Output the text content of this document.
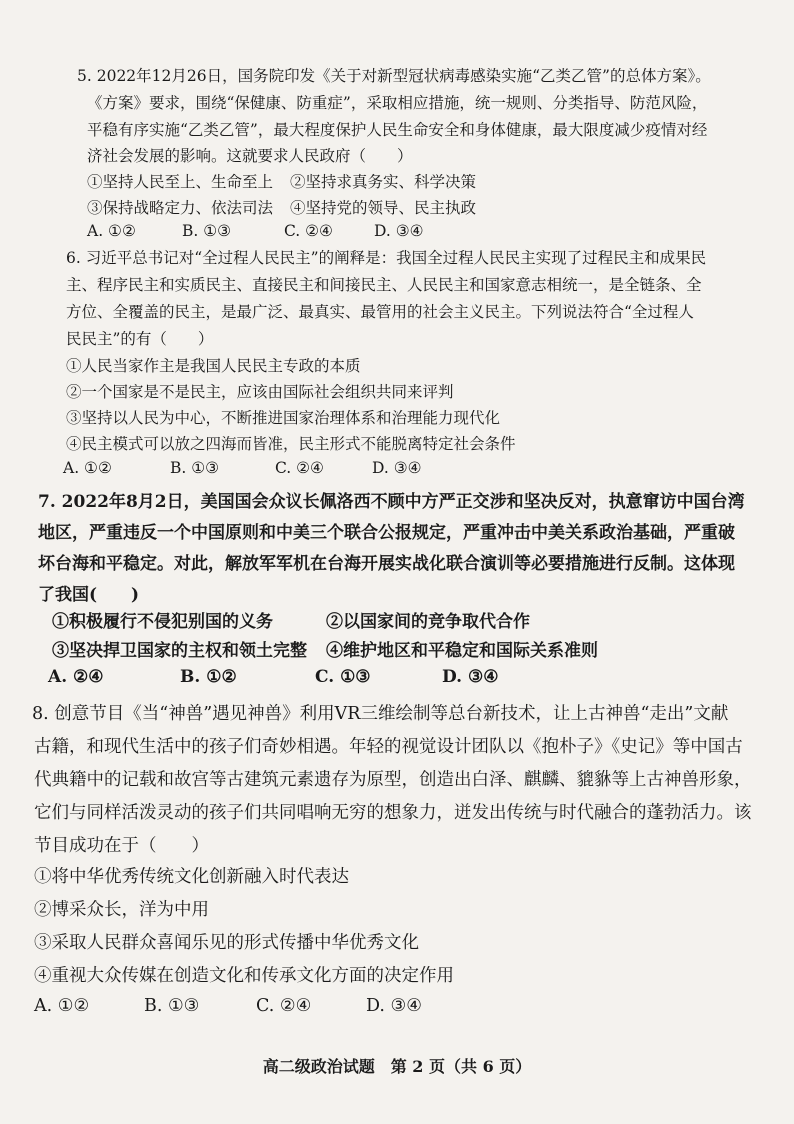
5. 2022年12月26日，国务院印发《关于对新型冠状病毒感染实施“乙类乙管”的总体方案》。
《方案》要求，围绕“保健康、防重症”，采取相应措施，统一规则、分类指导、防范风险，
平稳有序实施“乙类乙管”，最大程度保护人民生命安全和身体健康，最大限度减少疫情对经
济社会发展的影响。这就要求人民政府（　　）
①坚持人民至上、生命至上 ②坚持求真务实、科学决策
③保持战略定力、依法司法 ④坚持党的领导、民主执政
A. ①②	B. ①③	C. ②④	D. ③④
6. 习近平总书记对“全过程人民民主”的阐释是：我国全过程人民民主实现了过程民主和成果民
主、程序民主和实质民主、直接民主和间接民主、人民民主和国家意志相统一，是全链条、全
方位、全覆盖的民主，是最广泛、最真实、最管用的社会主义民主。下列说法符合“全过程人
民民主”的有（　　）
①人民当家作主是我国人民民主专政的本质
②一个国家是不是民主，应该由国际社会组织共同来评判
③坚持以人民为中心，不断推进国家治理体系和治理能力现代化
④民主模式可以放之四海而皆准，民主形式不能脱离特定社会条件
A. ①②	B. ①③	C. ②④	D. ③④
7. 2022年8月2日，美国国会众议长佩洛西不顾中方严正交涉和坚决反对，执意窜访中国台湾
地区，严重违反一个中国原则和中美三个联合公报规定，严重冲击中美关系政治基础，严重破
坏台海和平稳定。对此，解放军军机在台海开展实战化联合演训等必要措施进行反制。这体现
了我国(　　)
①积极履行不侵犯别国的义务	②以国家间的竞争取代合作
③坚决捍卫国家的主权和领土完整 ④维护地区和平稳定和国际关系准则
A. ②④	B. ①②	C. ①③	D. ③④
8. 创意节目《当“神兽”遇见神兽》利用VR三维绘制等总台新技术，让上古神兽“走出”文献
古籍，和现代生活中的孩子们奇妙相遇。年轻的视觉设计团队以《抱朴子》《史记》等中国古
代典籍中的记载和故宫等古建筑元素遗存为原型，创造出白泽、麒麟、貔貅等上古神兽形象，
它们与同样活泼灵动的孩子们共同唱响无穷的想象力，迸发出传统与时代融合的蓬勃活力。该
节目成功在于（　　）
①将中华优秀传统文化创新融入时代表达
②博采众长，洋为中用
③采取人民群众喜闻乐见的形式传播中华优秀文化
④重视大众传媒在创造文化和传承文化方面的决定作用
A. ①②	B. ①③	C. ②④	D. ③④
高二级政治试题　第 2 页（共 6 页）
